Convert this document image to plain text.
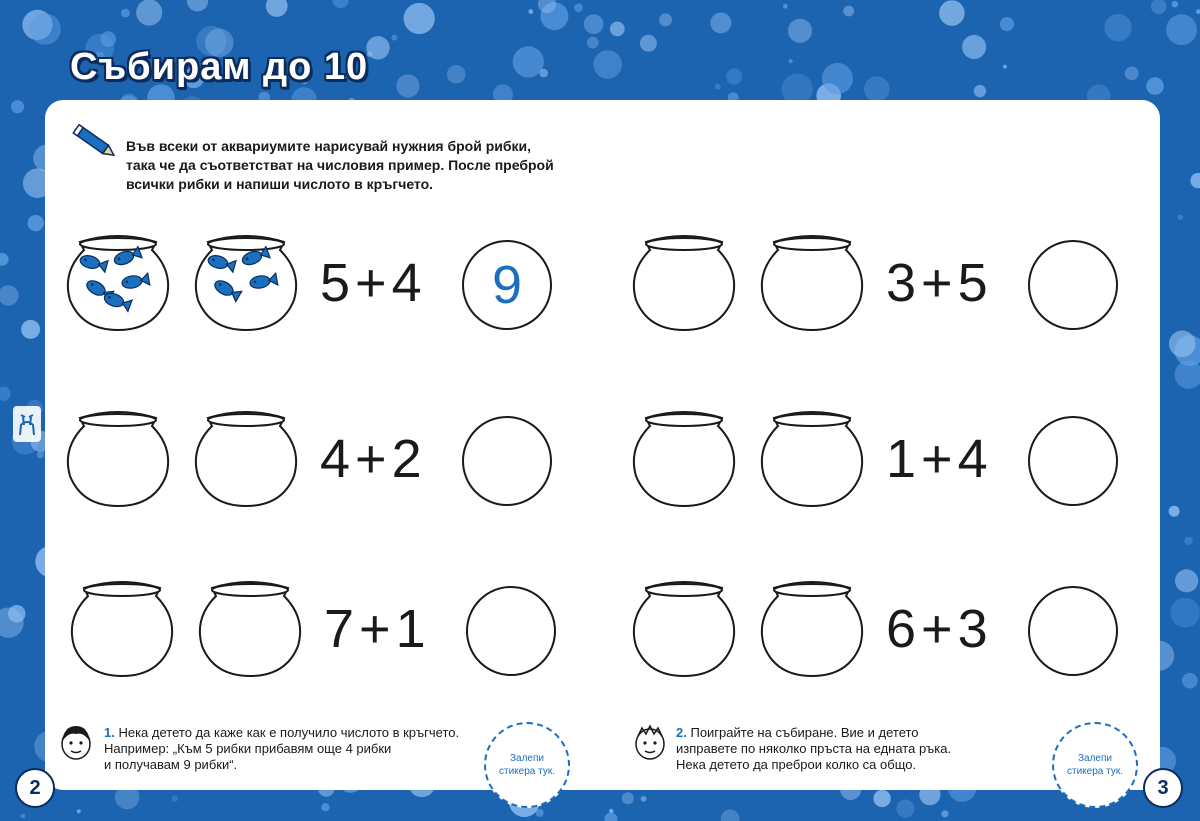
Събирам до 10
Във всеки от аквариумите нарисувай нужния брой рибки,
така че да съответстват на числовия пример. После преброй
всички рибки и напиши числото в кръгчето.
5+4	9	3+5
4+2	1+4
7+1	6+3
1. Нека детето да каже как е получило числото в кръгчето.
Например: „Към 5 рибки прибавям още 4 рибки
и получавам 9 рибки“.	Залепи
стикера тук.
2. Поиграйте на събиране. Вие и детето
изправете по няколко пръста на едната ръка.
Нека детето да преброи колко са общо.	Залепи
стикера тук.
2	3
